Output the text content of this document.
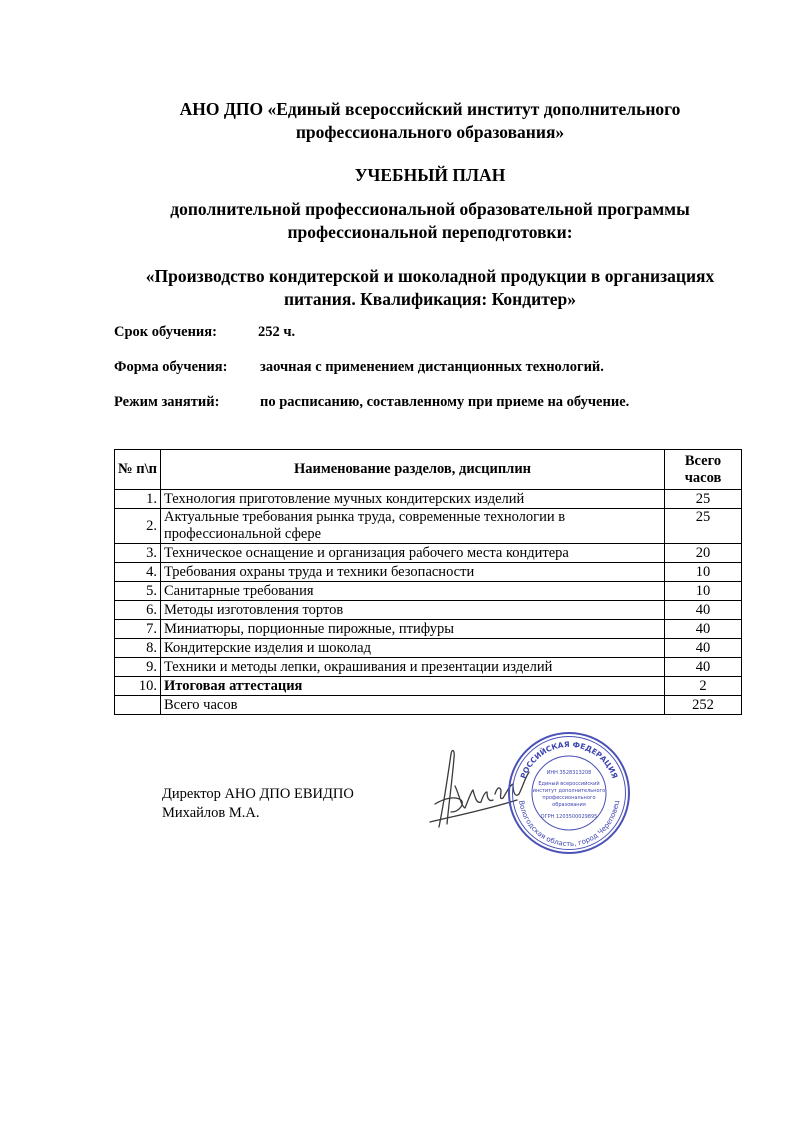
АНО ДПО «Единый всероссийский институт дополнительного
профессионального образования»
УЧЕБНЫЙ ПЛАН
дополнительной профессиональной образовательной программы
профессиональной переподготовки:
«Производство кондитерской и шоколадной продукции в организациях
питания. Квалификация: Кондитер»
Срок обучения:	252 ч.
Форма обучения: заочная с применением дистанционных технологий.
Режим занятий:	по расписанию, составленному при приеме на обучение.
№ п\п	Наименование разделов, дисциплин	Всего часов
1.	Технология приготовление мучных кондитерских изделий	25
2.	Актуальные требования рынка труда, современные технологии в профессиональной сфере	25
3.	Техническое оснащение и организация рабочего места кондитера	20
4.	Требования охраны труда и техники безопасности	10
5.	Санитарные требования	10
6.	Методы изготовления тортов	40
7.	Миниатюры, порционные пирожные, птифуры	40
8.	Кондитерские изделия и шоколад	40
9.	Техники и методы лепки, окрашивания и презентации изделий	40
10.	Итоговая аттестация	2
	Всего часов	252
Директор АНО ДПО ЕВИДПО
Михайлов М.А.
РОССИЙСКАЯ ФЕДЕРАЦИЯ
Вологодская область, город Череповец
ИНН 3528313208
Единый всероссийский
институт дополнительного
профессионального
образования
ОГРН 1203500029895
